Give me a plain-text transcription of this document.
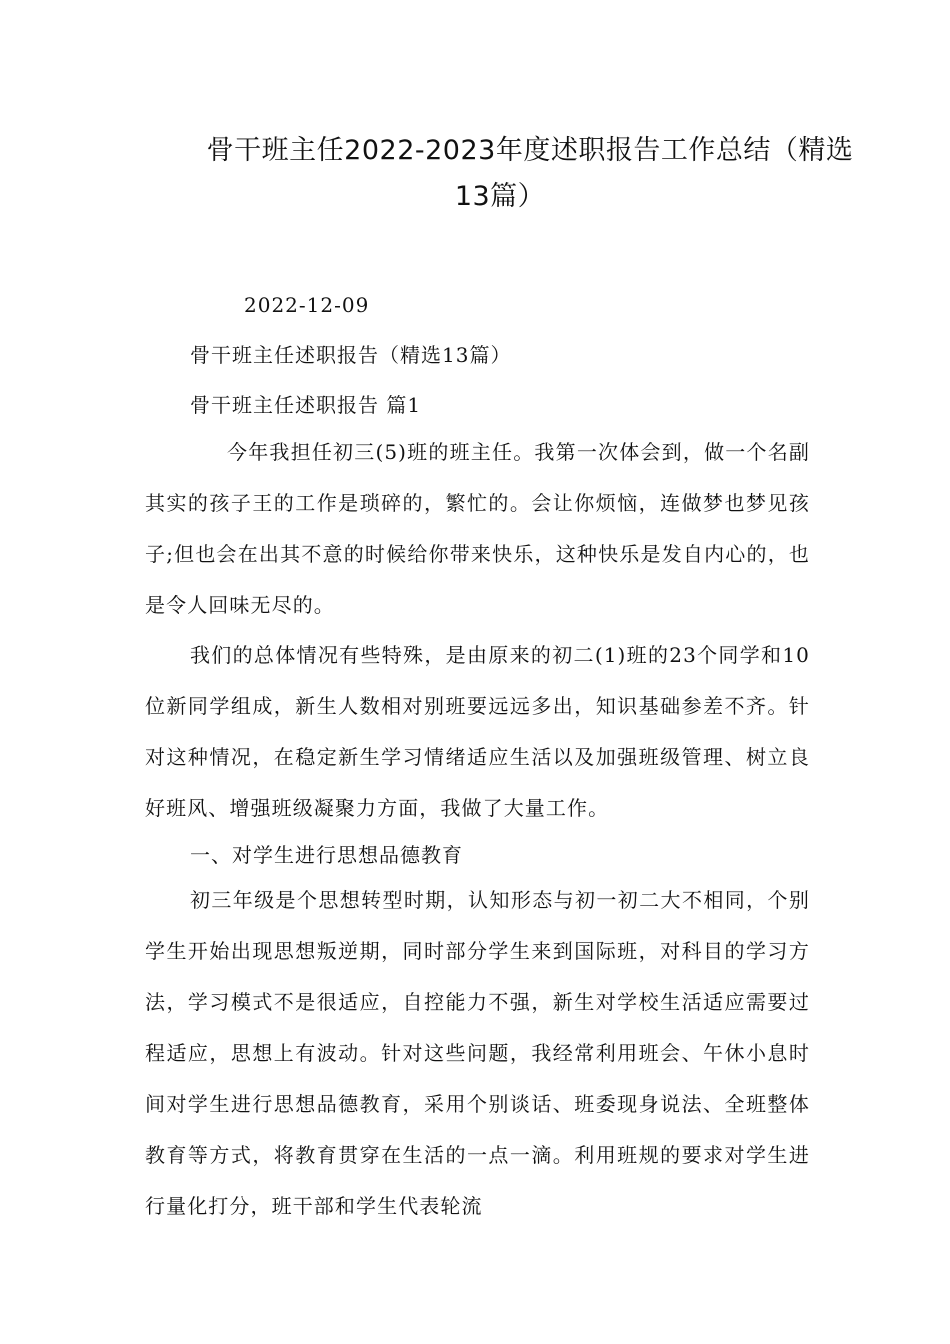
骨干班主任2022-2023年度述职报告工作总结（精选
13篇）
2022-12-09
骨干班主任述职报告（精选13篇）
骨干班主任述职报告 篇1

今年我担任初三(5)班的班主任。我第一次体会到，做一个名副其实的孩子王的工作是琐碎的，繁忙的。会让你烦恼，连做梦也梦见孩子;但也会在出其不意的时候给你带来快乐，这种快乐是发自内心的，也是令人回味无尽的。

我们的总体情况有些特殊，是由原来的初二(1)班的23个同学和10位新同学组成，新生人数相对别班要远远多出，知识基础参差不齐。针对这种情况，在稳定新生学习情绪适应生活以及加强班级管理、树立良好班风、增强班级凝聚力方面，我做了大量工作。

一、对学生进行思想品德教育

初三年级是个思想转型时期，认知形态与初一初二大不相同，个别学生开始出现思想叛逆期，同时部分学生来到国际班，对科目的学习方法，学习模式不是很适应，自控能力不强，新生对学校生活适应需要过程适应，思想上有波动。针对这些问题，我经常利用班会、午休小息时间对学生进行思想品德教育，采用个别谈话、班委现身说法、全班整体教育等方式，将教育贯穿在生活的一点一滴。利用班规的要求对学生进行量化打分，班干部和学生代表轮流
